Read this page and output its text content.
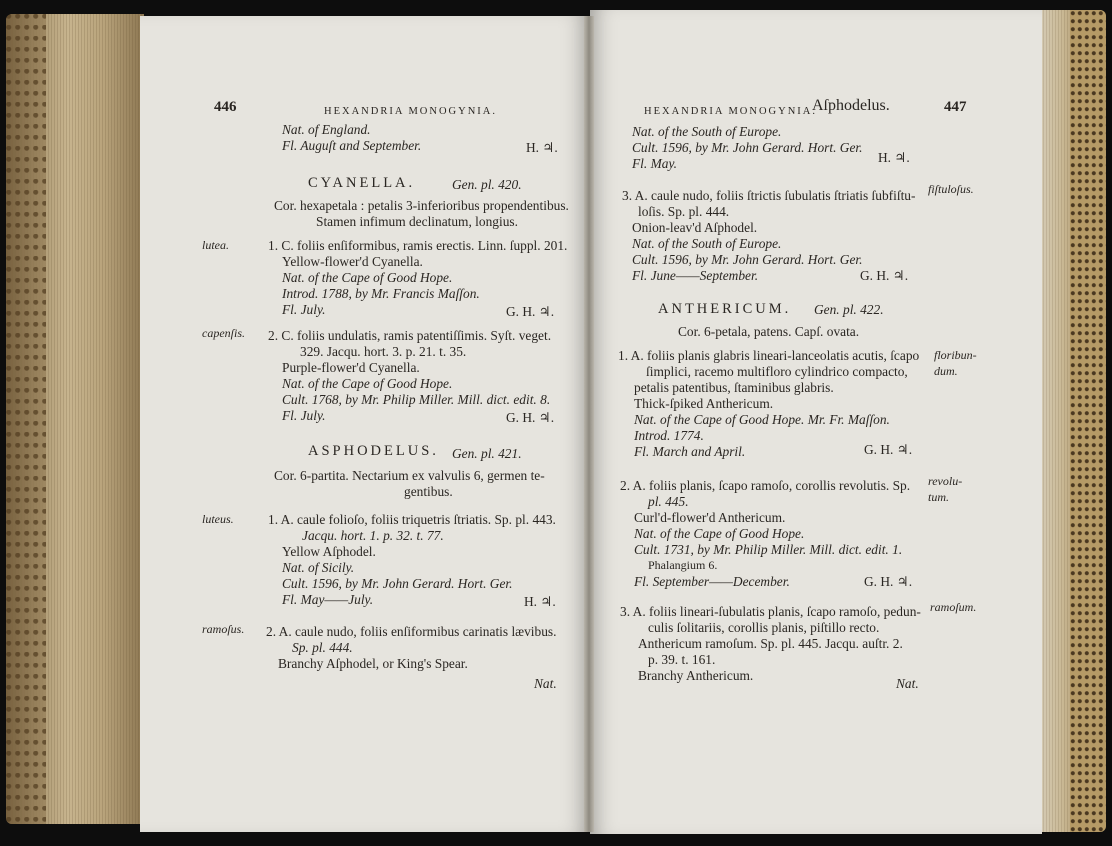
446	HEXANDRIA MONOGYNIA.
Nat. of England.
Fl. Auguſt and September.	H. ♃.
CYANELLA.	Gen. pl. 420.
Cor. hexapetala : petalis 3-inferioribus propendentibus.
Stamen infimum declinatum, longius.
lutea.	1. C. foliis enſiformibus, ramis erectis. Linn. ſuppl. 201.
Yellow-flower'd Cyanella.
Nat. of the Cape of Good Hope.
Introd. 1788, by Mr. Francis Maſſon.
Fl. July.	G. H. ♃.
capenſis. 2. C. foliis undulatis, ramis patentiſſimis. Syſt. veget.
329. Jacqu. hort. 3. p. 21. t. 35.
Purple-flower'd Cyanella.
Nat. of the Cape of Good Hope.
Cult. 1768, by Mr. Philip Miller. Mill. dict. edit. 8.
Fl. July.	G. H. ♃.
ASPHODELUS. Gen. pl. 421.
Cor. 6-partita. Nectarium ex valvulis 6, germen te-
gentibus.
luteus.	1. A. caule folioſo, foliis triquetris ſtriatis. Sp. pl. 443.
Jacqu. hort. 1. p. 32. t. 77.
Yellow Aſphodel.
Nat. of Sicily.
Cult. 1596, by Mr. John Gerard. Hort. Ger.
Fl. May——July.	H. ♃.
ramoſus. 2. A. caule nudo, foliis enſiformibus carinatis lævibus.
Sp. pl. 444.
Branchy Aſphodel, or King's Spear.
Nat.
HEXANDRIA MONOGYNIA.
Aſphodelus.	447
Nat. of the South of Europe.
Cult. 1596, by Mr. John Gerard. Hort. Ger.
Fl. May.	H. ♃.
3. A. caule nudo, foliis ſtrictis ſubulatis ſtriatis ſubfiſtu-
loſis. Sp. pl. 444.
fiſtuloſus.
Onion-leav'd Aſphodel.
Nat. of the South of Europe.
Cult. 1596, by Mr. John Gerard. Hort. Ger.
Fl. June——September.	G. H. ♃.
ANTHERICUM. Gen. pl. 422.
Cor. 6-petala, patens. Capſ. ovata.
1. A. foliis planis glabris lineari-lanceolatis acutis, ſcapo
ſimplici, racemo multifloro cylindrico compacto,
petalis patentibus, ſtaminibus glabris.
floribun-
dum.
Thick-ſpiked Anthericum.
Nat. of the Cape of Good Hope. Mr. Fr. Maſſon.
Introd. 1774.
Fl. March and April.	G. H. ♃.
2. A. foliis planis, ſcapo ramoſo, corollis revolutis. Sp.
pl. 445.
revolu-
tum.
Curl'd-flower'd Anthericum.
Nat. of the Cape of Good Hope.
Cult. 1731, by Mr. Philip Miller. Mill. dict. edit. 1.
Phalangium 6.
Fl. September——December.	G. H. ♃.
3. A. foliis lineari-ſubulatis planis, ſcapo ramoſo, pedun-
culis ſolitariis, corollis planis, piſtillo recto.
ramoſum.
Anthericum ramoſum. Sp. pl. 445. Jacqu. auſtr. 2.
p. 39. t. 161.
Branchy Anthericum.
Nat.
